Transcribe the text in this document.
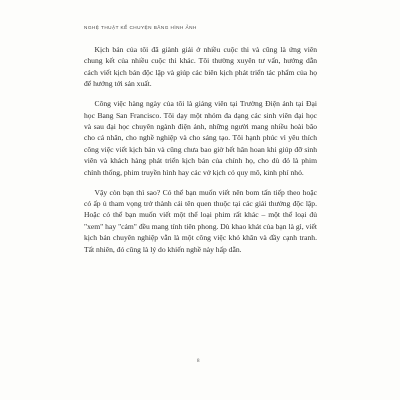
NGHỆ THUẬT KỂ CHUYỆN BẰNG HÌNH ẢNH

Kịch bản của tôi đã giành giải ở nhiều cuộc thi và cũng là ứng viên chung kết của nhiều cuộc thi khác. Tôi thường xuyên tư vấn, hướng dẫn cách viết kịch bản độc lập và giúp các biên kịch phát triển tác phẩm của họ để hướng tới sản xuất.

Công việc hàng ngày của tôi là giảng viên tại Trường Điện ảnh tại Đại học Bang San Francisco. Tôi dạy một nhóm đa dạng các sinh viên đại học và sau đại học chuyên ngành điện ảnh, những người mang nhiều hoài bão cho cá nhân, cho nghề nghiệp và cho sáng tạo. Tôi hạnh phúc vì yêu thích công việc viết kịch bản và cũng chưa bao giờ hết hân hoan khi giúp đỡ sinh viên và khách hàng phát triển kịch bản của chính họ, cho dù đó là phim chính thống, phim truyền hình hay các vở kịch có quy mô, kinh phí nhỏ.

Vậy còn bạn thì sao? Có thể bạn muốn viết nên bom tấn tiếp theo hoặc có ấp ủ tham vọng trở thành cái tên quen thuộc tại các giải thưởng độc lập. Hoặc có thể bạn muốn viết một thể loại phim rất khác – một thể loại đủ "xem" hay "cảm" đều mang tính tiên phong. Dù khao khát của bạn là gì, viết kịch bản chuyên nghiệp vẫn là một công việc khó khăn và đầy cạnh tranh. Tất nhiên, đó cũng là lý do khiến nghề này hấp dẫn.

8
